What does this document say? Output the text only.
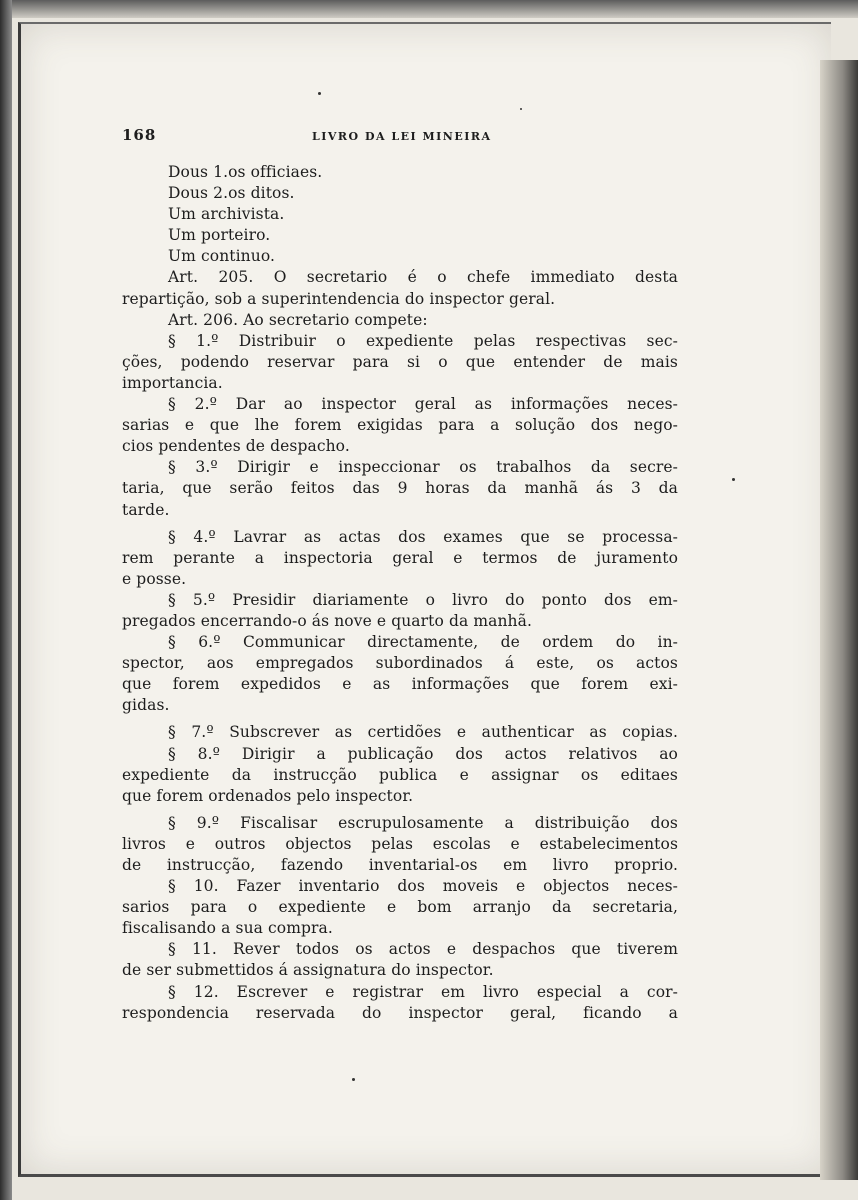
168	LIVRO DA LEI MINEIRA
Dous 1.os officiaes.
Dous 2.os ditos.
Um archivista.
Um porteiro.
Um continuo.
Art. 205. O secretario é o chefe immediato desta
repartição, sob a superintendencia do inspector geral.
Art. 206. Ao secretario compete:
§ 1.º Distribuir o expediente pelas respectivas sec-
ções, podendo reservar para si o que entender de mais
importancia.
§ 2.º Dar ao inspector geral as informações neces-
sarias e que lhe forem exigidas para a solução dos nego-
cios pendentes de despacho.
§ 3.º Dirigir e inspeccionar os trabalhos da secre-
taria, que serão feitos das 9 horas da manhã ás 3 da
tarde.
§ 4.º Lavrar as actas dos exames que se processa-
rem perante a inspectoria geral e termos de juramento
e posse.
§ 5.º Presidir diariamente o livro do ponto dos em-
pregados encerrando-o ás nove e quarto da manhã.
§ 6.º Communicar directamente, de ordem do in-
spector, aos empregados subordinados á este, os actos
que forem expedidos e as informações que forem exi-
gidas.
§ 7.º Subscrever as certidões e authenticar as copias.
§ 8.º Dirigir a publicação dos actos relativos ao
expediente da instrucção publica e assignar os editaes
que forem ordenados pelo inspector.
§ 9.º Fiscalisar escrupulosamente a distribuição dos
livros e outros objectos pelas escolas e estabelecimentos
de instrucção, fazendo inventarial-os em livro proprio.
§ 10. Fazer inventario dos moveis e objectos neces-
sarios para o expediente e bom arranjo da secretaria,
fiscalisando a sua compra.
§ 11. Rever todos os actos e despachos que tiverem
de ser submettidos á assignatura do inspector.
§ 12. Escrever e registrar em livro especial a cor-
respondencia reservada do inspector geral, ficando a
